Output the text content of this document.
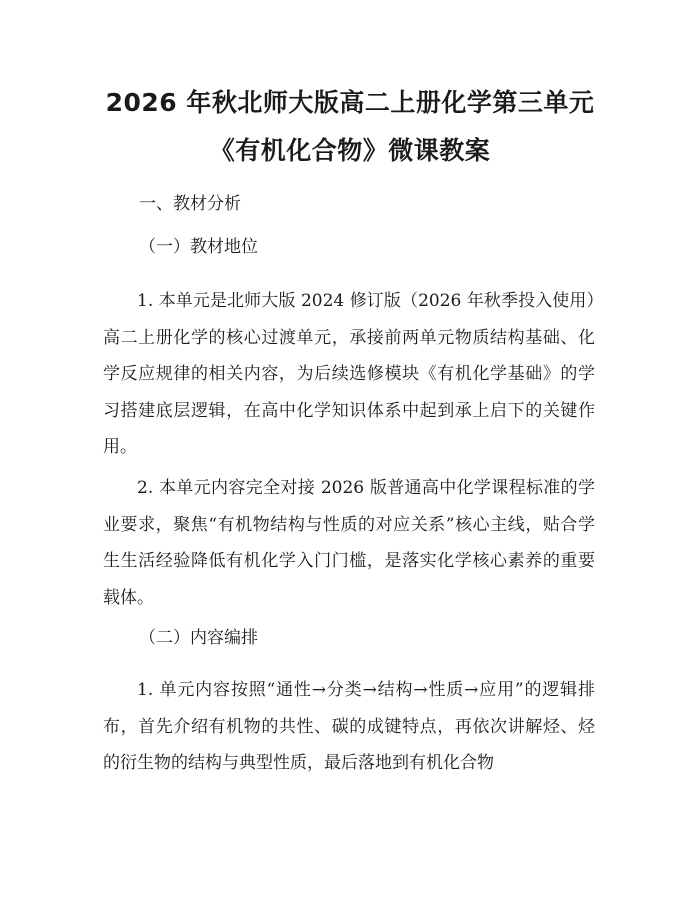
2026 年秋北师大版高二上册化学第三单元
《有机化合物》微课教案
一、教材分析
（一）教材地位
1. 本单元是北师大版 2024 修订版（2026 年秋季投入使用）高二上册化学的核心过渡单元，承接前两单元物质结构基础、化学反应规律的相关内容，为后续选修模块《有机化学基础》的学习搭建底层逻辑，在高中化学知识体系中起到承上启下的关键作用。
2. 本单元内容完全对接 2026 版普通高中化学课程标准的学业要求，聚焦“有机物结构与性质的对应关系”核心主线，贴合学生生活经验降低有机化学入门门槛，是落实化学核心素养的重要载体。
（二）内容编排
1. 单元内容按照“通性→分类→结构→性质→应用”的逻辑排布，首先介绍有机物的共性、碳的成键特点，再依次讲解烃、烃的衍生物的结构与典型性质，最后落地到有机化合物
